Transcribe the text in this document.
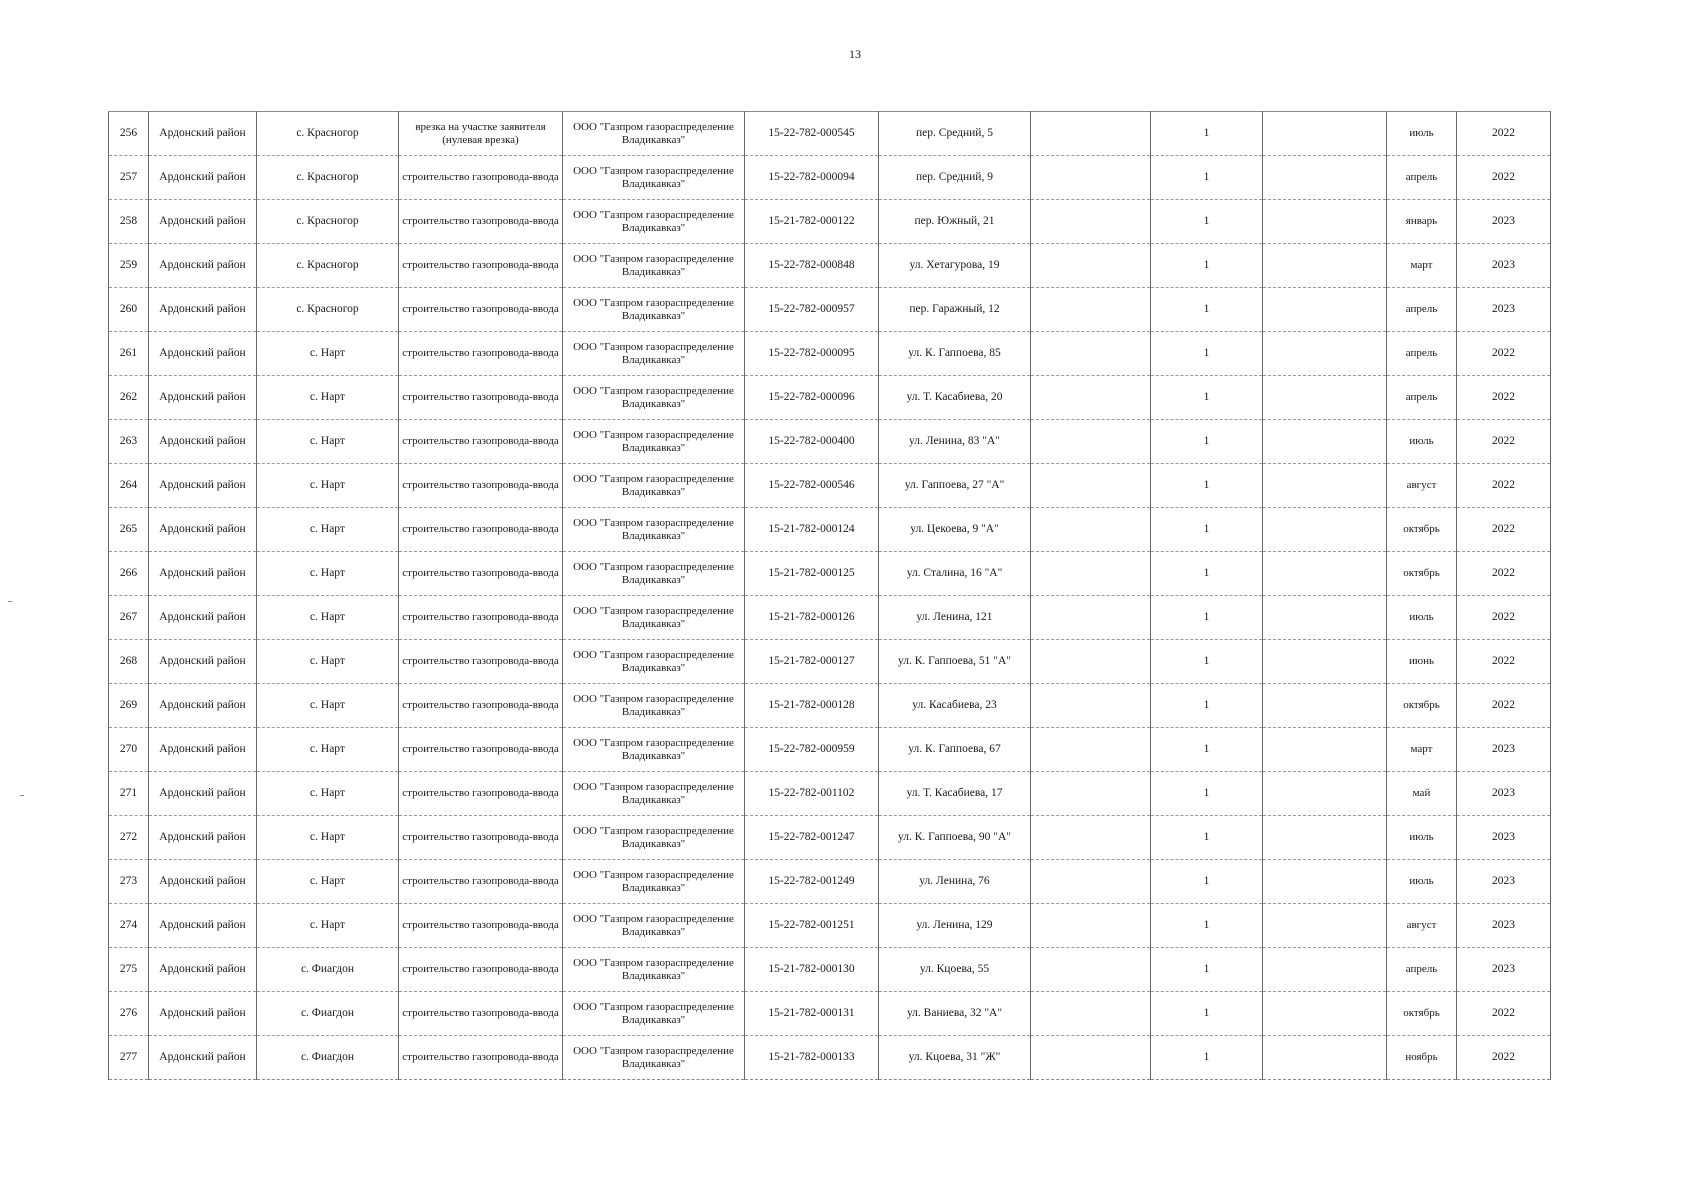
13
256	Ардонский район	с. Красногор	врезка на участке заявителя (нулевая врезка)	ООО "Газпром газораспределение Владикавказ"	15-22-782-000545	пер. Средний, 5		1		июль	2022
257	Ардонский район	с. Красногор	строительство газопровода-ввода	ООО "Газпром газораспределение Владикавказ"	15-22-782-000094	пер. Средний, 9		1		апрель	2022
258	Ардонский район	с. Красногор	строительство газопровода-ввода	ООО "Газпром газораспределение Владикавказ"	15-21-782-000122	пер. Южный, 21		1		январь	2023
259	Ардонский район	с. Красногор	строительство газопровода-ввода	ООО "Газпром газораспределение Владикавказ"	15-22-782-000848	ул. Хетагурова, 19		1		март	2023
260	Ардонский район	с. Красногор	строительство газопровода-ввода	ООО "Газпром газораспределение Владикавказ"	15-22-782-000957	пер. Гаражный, 12		1		апрель	2023
261	Ардонский район	с. Нарт	строительство газопровода-ввода	ООО "Газпром газораспределение Владикавказ"	15-22-782-000095	ул. К. Гаппоева, 85		1		апрель	2022
262	Ардонский район	с. Нарт	строительство газопровода-ввода	ООО "Газпром газораспределение Владикавказ"	15-22-782-000096	ул. Т. Касабиева, 20		1		апрель	2022
263	Ардонский район	с. Нарт	строительство газопровода-ввода	ООО "Газпром газораспределение Владикавказ"	15-22-782-000400	ул. Ленина, 83 "А"		1		июль	2022
264	Ардонский район	с. Нарт	строительство газопровода-ввода	ООО "Газпром газораспределение Владикавказ"	15-22-782-000546	ул. Гаппоева, 27 "А"		1		август	2022
265	Ардонский район	с. Нарт	строительство газопровода-ввода	ООО "Газпром газораспределение Владикавказ"	15-21-782-000124	ул. Цекоева, 9 "А"		1		октябрь	2022
266	Ардонский район	с. Нарт	строительство газопровода-ввода	ООО "Газпром газораспределение Владикавказ"	15-21-782-000125	ул. Сталина, 16 "А"		1		октябрь	2022
267	Ардонский район	с. Нарт	строительство газопровода-ввода	ООО "Газпром газораспределение Владикавказ"	15-21-782-000126	ул. Ленина, 121		1		июль	2022
268	Ардонский район	с. Нарт	строительство газопровода-ввода	ООО "Газпром газораспределение Владикавказ"	15-21-782-000127	ул. К. Гаппоева, 51 "А"		1		июнь	2022
269	Ардонский район	с. Нарт	строительство газопровода-ввода	ООО "Газпром газораспределение Владикавказ"	15-21-782-000128	ул. Касабиева, 23		1		октябрь	2022
270	Ардонский район	с. Нарт	строительство газопровода-ввода	ООО "Газпром газораспределение Владикавказ"	15-22-782-000959	ул. К. Гаппоева, 67		1		март	2023
271	Ардонский район	с. Нарт	строительство газопровода-ввода	ООО "Газпром газораспределение Владикавказ"	15-22-782-001102	ул. Т. Касабиева, 17		1		май	2023
272	Ардонский район	с. Нарт	строительство газопровода-ввода	ООО "Газпром газораспределение Владикавказ"	15-22-782-001247	ул. К. Гаппоева, 90 "А"		1		июль	2023
273	Ардонский район	с. Нарт	строительство газопровода-ввода	ООО "Газпром газораспределение Владикавказ"	15-22-782-001249	ул. Ленина, 76		1		июль	2023
274	Ардонский район	с. Нарт	строительство газопровода-ввода	ООО "Газпром газораспределение Владикавказ"	15-22-782-001251	ул. Ленина, 129		1		август	2023
275	Ардонский район	с. Фиагдон	строительство газопровода-ввода	ООО "Газпром газораспределение Владикавказ"	15-21-782-000130	ул. Кцоева, 55		1		апрель	2023
276	Ардонский район	с. Фиагдон	строительство газопровода-ввода	ООО "Газпром газораспределение Владикавказ"	15-21-782-000131	ул. Ваниева, 32 "А"		1		октябрь	2022
277	Ардонский район	с. Фиагдон	строительство газопровода-ввода	ООО "Газпром газораспределение Владикавказ"	15-21-782-000133	ул. Кцоева, 31 "Ж"		1		ноябрь	2022
